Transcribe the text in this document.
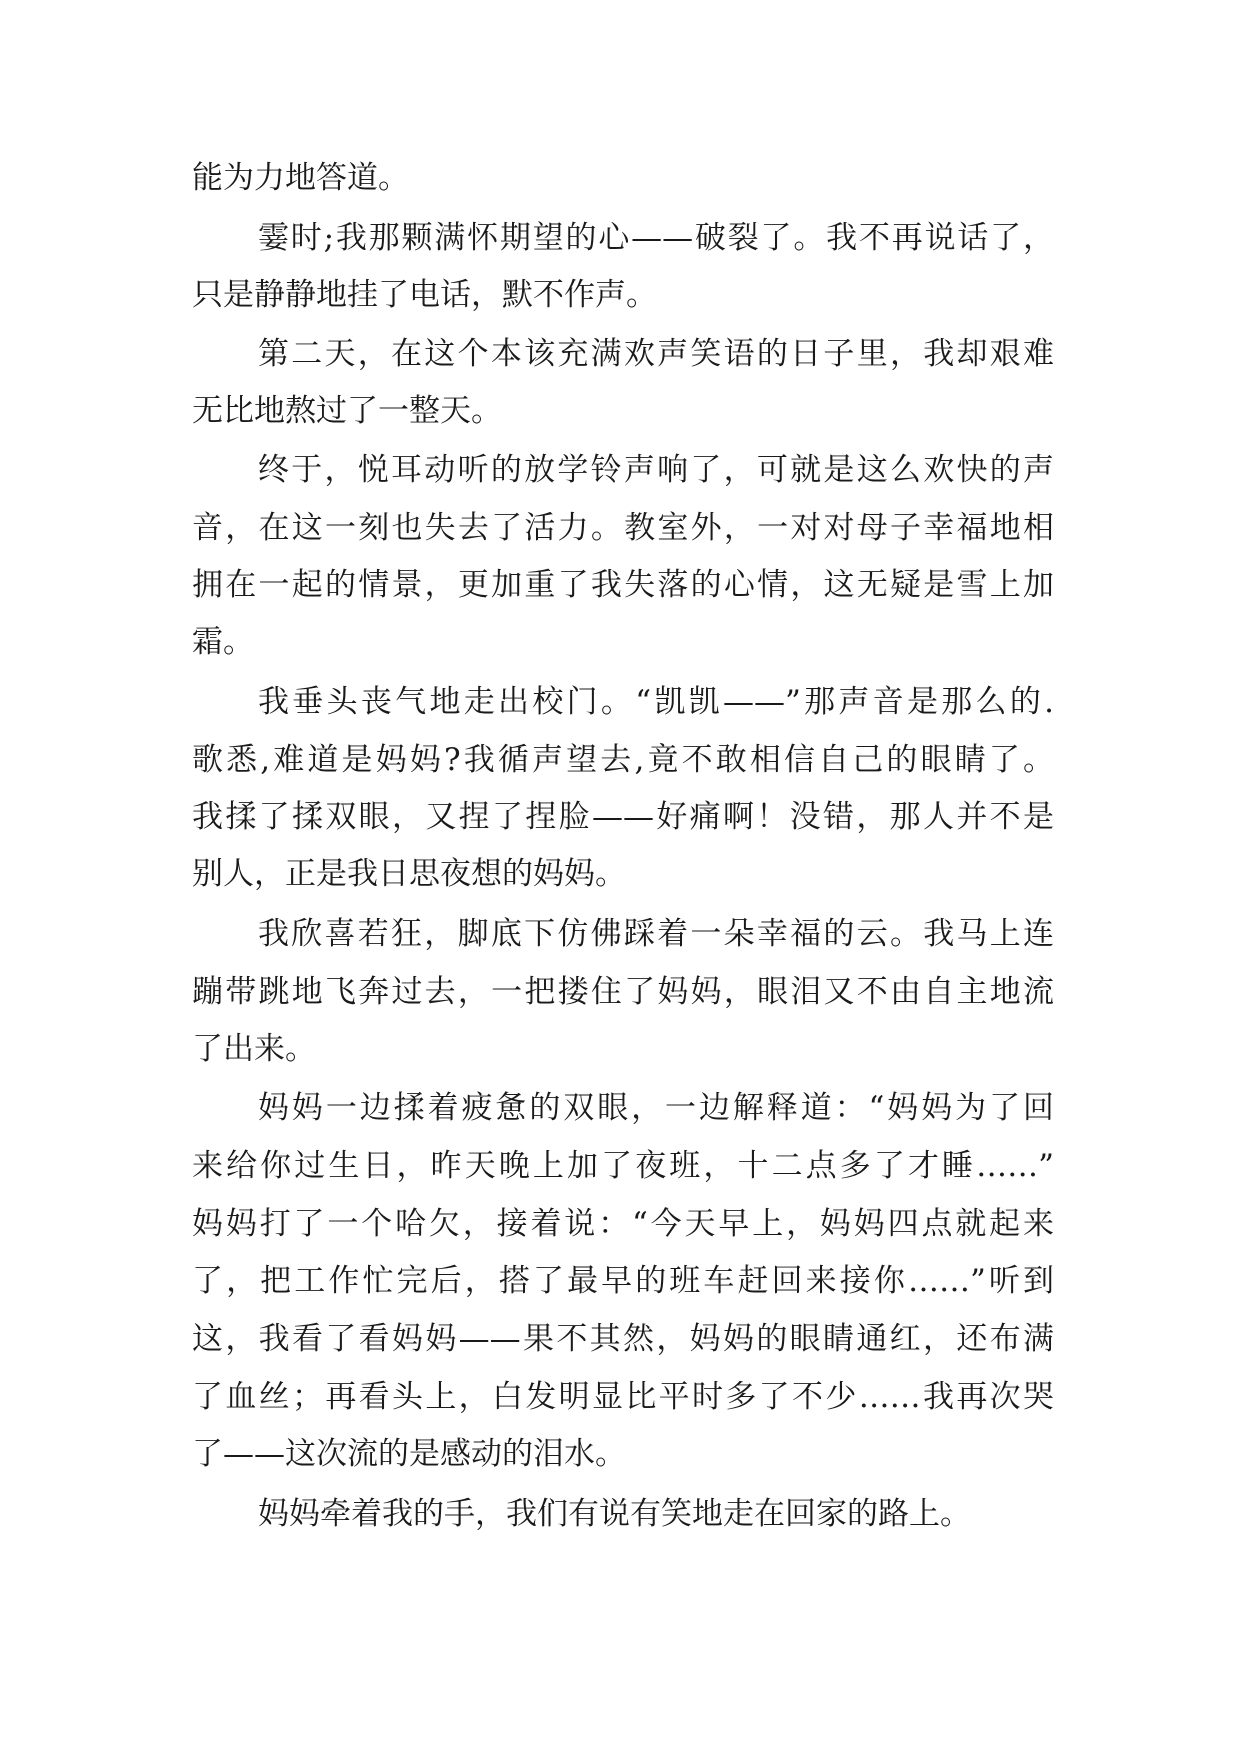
能为力地答道。
霎时;我那颗满怀期望的心——破裂了。我不再说话了，
只是静静地挂了电话，默不作声。
第二天，在这个本该充满欢声笑语的日子里，我却艰难
无比地熬过了一整天。
终于，悦耳动听的放学铃声响了，可就是这么欢快的声
音，在这一刻也失去了活力。教室外，一对对母子幸福地相
拥在一起的情景，更加重了我失落的心情，这无疑是雪上加
霜。
我垂头丧气地走出校门。“凯凯——”那声音是那么的.
歌悉,难道是妈妈?我循声望去,竟不敢相信自己的眼睛了。
我揉了揉双眼，又捏了捏脸——好痛啊！没错，那人并不是
别人，正是我日思夜想的妈妈。
我欣喜若狂，脚底下仿佛踩着一朵幸福的云。我马上连
蹦带跳地飞奔过去，一把搂住了妈妈，眼泪又不由自主地流
了出来。
妈妈一边揉着疲惫的双眼，一边解释道：“妈妈为了回
来给你过生日，昨天晚上加了夜班，十二点多了才睡……”
妈妈打了一个哈欠，接着说：“今天早上，妈妈四点就起来
了，把工作忙完后，搭了最早的班车赶回来接你……”听到
这，我看了看妈妈——果不其然，妈妈的眼睛通红，还布满
了血丝；再看头上，白发明显比平时多了不少……我再次哭
了——这次流的是感动的泪水。
妈妈牵着我的手，我们有说有笑地走在回家的路上。
